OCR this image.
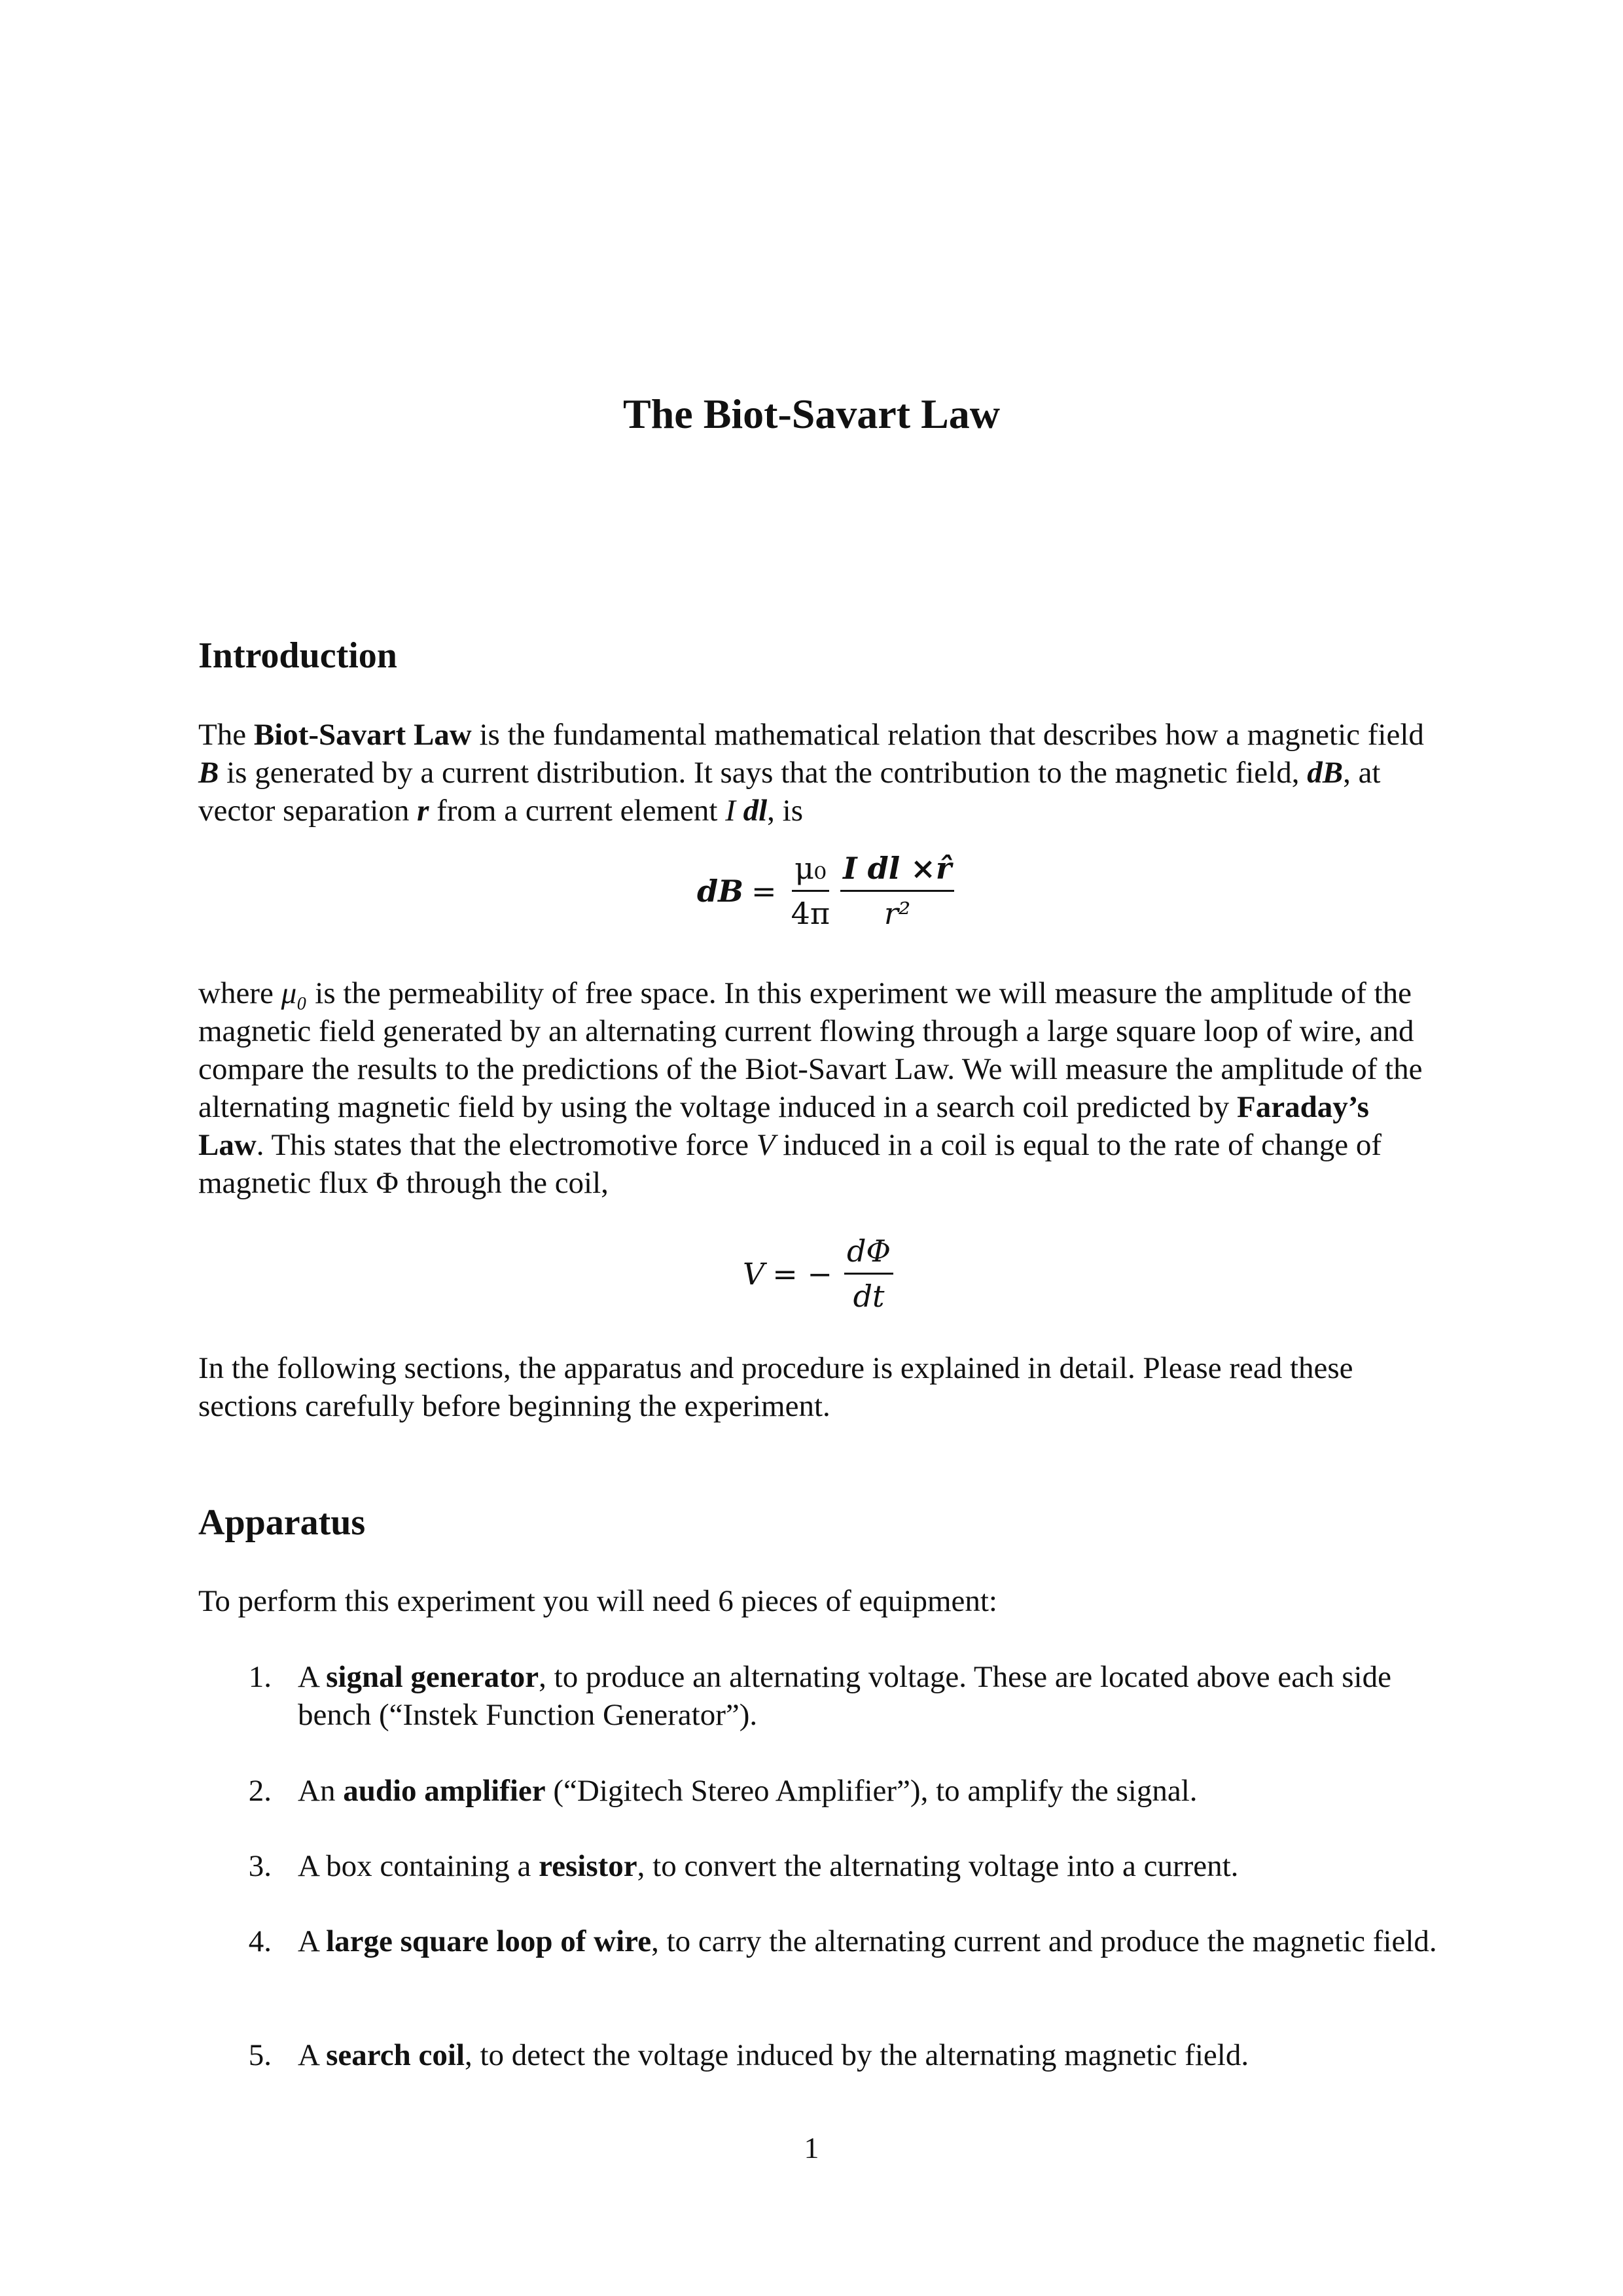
The Biot-Savart Law
Introduction

The Biot-Savart Law is the fundamental mathematical relation that describes how a magnetic field B is generated by a current distribution. It says that the contribution to the magnetic field, dB, at vector separation r from a current element I dl, is

dB = $\frac{\text{μ₀}}{4\pi} \frac{\text{I dl ×r̂}}{\text{r²}}$

where μ₀ is the permeability of free space. In this experiment we will measure the amplitude of the magnetic field generated by an alternating current flowing through a large square loop of wire, and compare the results to the predictions of the Biot-Savart Law. We will measure the amplitude of the alternating magnetic field by using the voltage induced in a search coil predicted by Faraday’s Law. This states that the electromotive force V induced in a coil is equal to the rate of change of magnetic flux Φ through the coil,

V = − $\frac{d\Phi}{dt}$

In the following sections, the apparatus and procedure is explained in detail. Please read these sections carefully before beginning the experiment.

Apparatus

To perform this experiment you will need 6 pieces of equipment:

1. A signal generator, to produce an alternating voltage. These are located above each side bench (“Instek Function Generator”).
2. An audio amplifier (“Digitech Stereo Amplifier”), to amplify the signal.
3. A box containing a resistor, to convert the alternating voltage into a current.
4. A large square loop of wire, to carry the alternating current and produce the magnetic field.
5. A search coil, to detect the voltage induced by the alternating magnetic field.
1
